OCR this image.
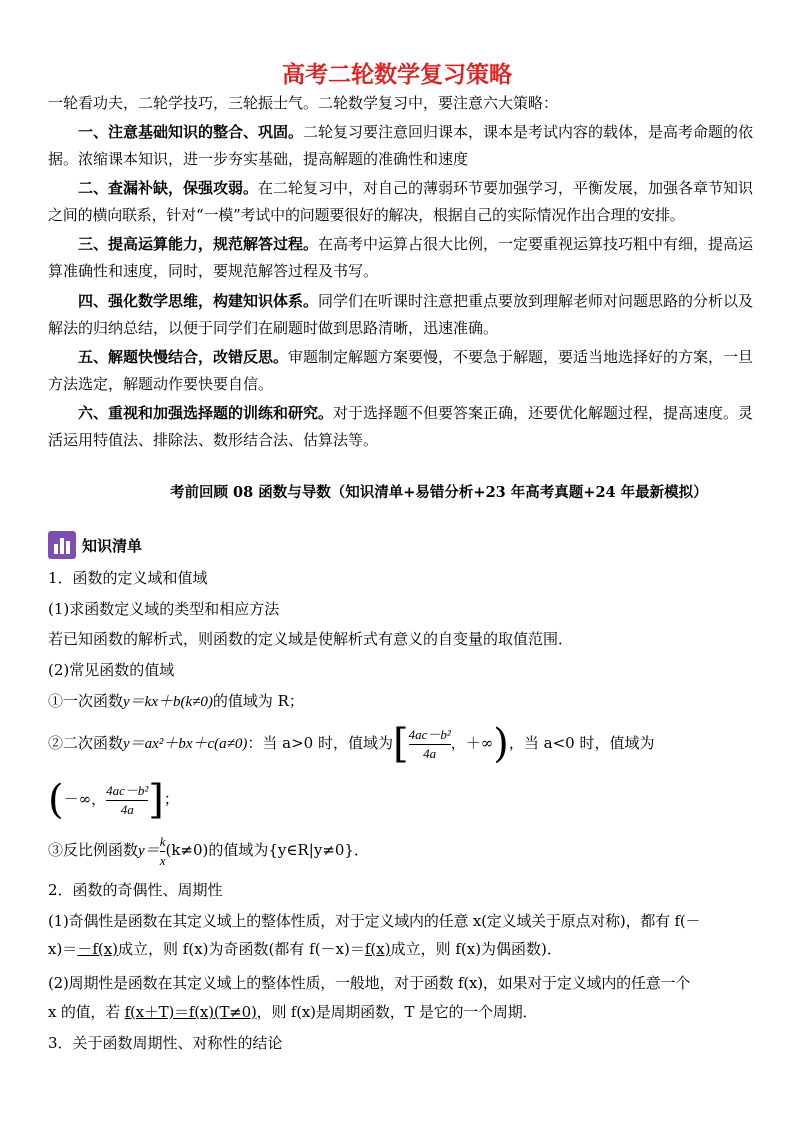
高考二轮数学复习策略
一轮看功夫，二轮学技巧，三轮振士气。二轮数学复习中，要注意六大策略：
一、注意基础知识的整合、巩固。二轮复习要注意回归课本，课本是考试内容的载体，是高考命题的依
据。浓缩课本知识，进一步夯实基础，提高解题的准确性和速度
二、查漏补缺，保强攻弱。在二轮复习中，对自己的薄弱环节要加强学习，平衡发展，加强各章节知识
之间的横向联系，针对“一模”考试中的问题要很好的解决，根据自己的实际情况作出合理的安排。
三、提高运算能力，规范解答过程。在高考中运算占很大比例，一定要重视运算技巧粗中有细，提高运
算准确性和速度，同时，要规范解答过程及书写。
四、强化数学思维，构建知识体系。同学们在听课时注意把重点要放到理解老师对问题思路的分析以及
解法的归纳总结，以便于同学们在刷题时做到思路清晰，迅速准确。
五、解题快慢结合，改错反思。审题制定解题方案要慢，不要急于解题，要适当地选择好的方案，一旦
方法选定，解题动作要快要自信。
六、重视和加强选择题的训练和研究。对于选择题不但要答案正确，还要优化解题过程，提高速度。灵
活运用特值法、排除法、数形结合法、估算法等。
考前回顾 08 函数与导数（知识清单+易错分析+23 年高考真题+24 年最新模拟）
知识清单
1．函数的定义域和值域
(1)求函数定义域的类型和相应方法
若已知函数的解析式，则函数的定义域是使解析式有意义的自变量的取值范围．
(2)常见函数的值域
①一次函数y＝kx＋b(k≠0)的值域为 R；
②二次函数y＝ax²＋bx＋c(a≠0)：当 a>0 时，值域为[ $\frac{\text{4ac－b²}}{4a}$ ，＋∞)，当 a<0 时，值域为
(－∞， $\frac{\text{4ac－b²}}{4a}$ ]；
③反比例函数$y= \frac{k}{x} (k\ne 0)$的值域为{y∈R|y≠0}．
2．函数的奇偶性、周期性
(1)奇偶性是函数在其定义域上的整体性质，对于定义域内的任意 x(定义域关于原点对称)，都有 f(－
x)＝－f(x)成立，则 f(x)为奇函数(都有 f(－x)＝f(x)成立，则 f(x)为偶函数)．
(2)周期性是函数在其定义域上的整体性质，一般地，对于函数 f(x)，如果对于定义域内的任意一个
x 的值，若 f(x＋T)＝f(x)(T≠0)，则 f(x)是周期函数，T 是它的一个周期．
3．关于函数周期性、对称性的结论
